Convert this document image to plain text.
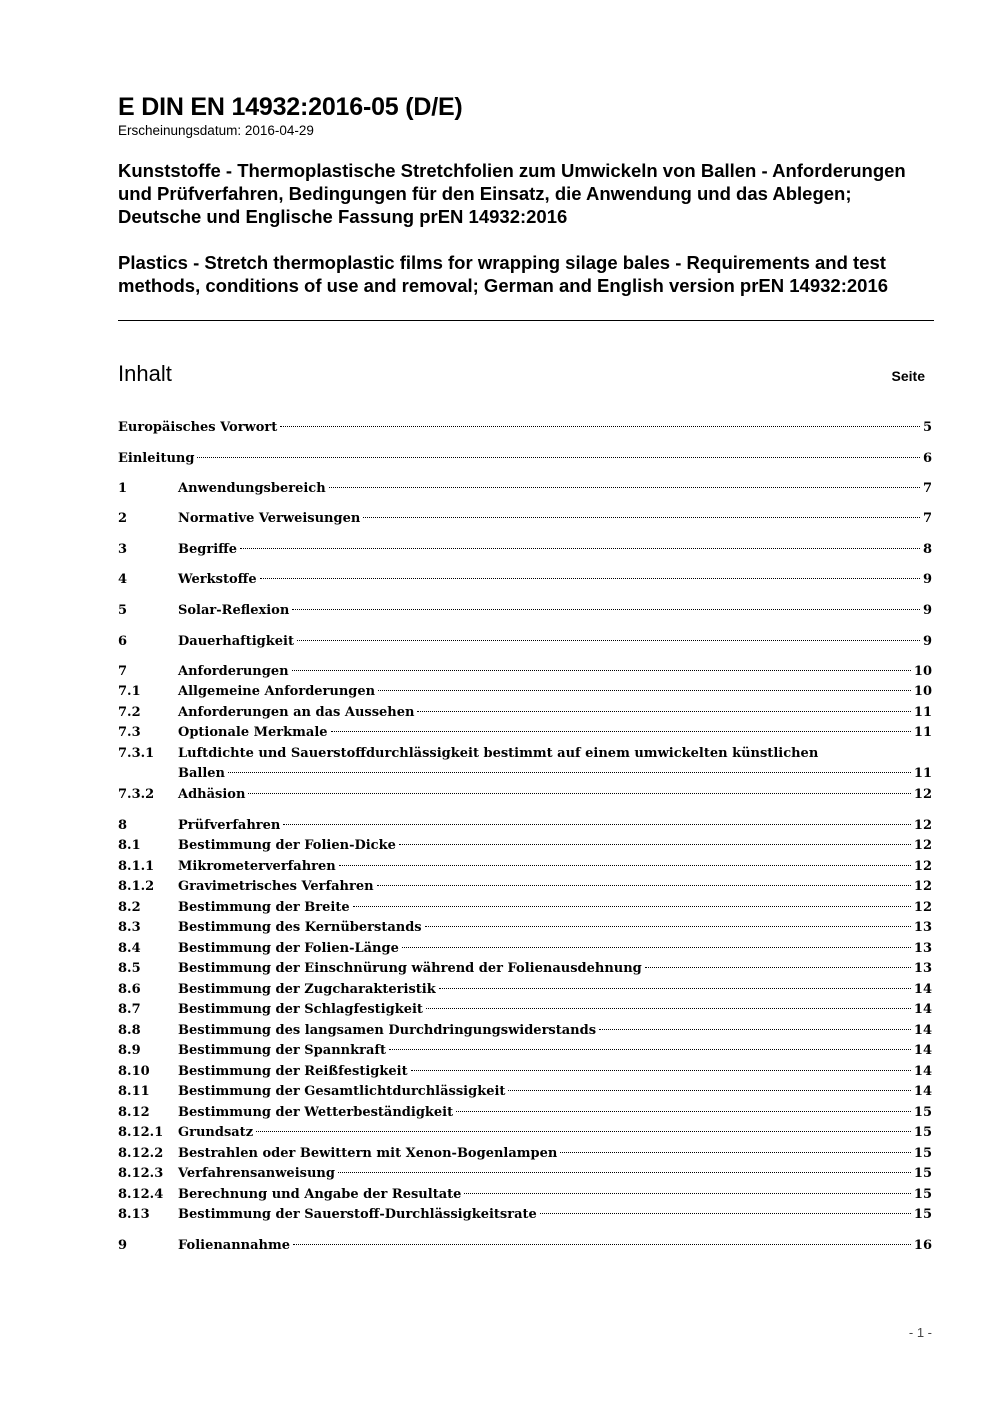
E DIN EN 14932:2016-05 (D/E)
Erscheinungsdatum: 2016-04-29

Kunststoffe - Thermoplastische Stretchfolien zum Umwickeln von Ballen - Anforderungen und Prüfverfahren, Bedingungen für den Einsatz, die Anwendung und das Ablegen; Deutsche und Englische Fassung prEN 14932:2016

Plastics - Stretch thermoplastic films for wrapping silage bales - Requirements and test methods, conditions of use and removal; German and English version prEN 14932:2016

Inhalt	Seite
Europäisches Vorwort	5
Einleitung	6
1	Anwendungsbereich	7
2	Normative Verweisungen	7
3	Begriffe	8
4	Werkstoffe	9
5	Solar-Reflexion	9
6	Dauerhaftigkeit	9
7	Anforderungen	10
7.1	Allgemeine Anforderungen	10
7.2	Anforderungen an das Aussehen	11
7.3	Optionale Merkmale	11
7.3.1 Luftdichte und Sauerstoffdurchlässigkeit bestimmt auf einem umwickelten künstlichen
Ballen	11
7.3.2 Adhäsion	12
8	Prüfverfahren	12
8.1	Bestimmung der Folien-Dicke	12
8.1.1 Mikrometerverfahren	12
8.1.2 Gravimetrisches Verfahren	12
8.2	Bestimmung der Breite	12
8.3	Bestimmung des Kernüberstands	13
8.4	Bestimmung der Folien-Länge	13
8.5	Bestimmung der Einschnürung während der Folienausdehnung	13
8.6	Bestimmung der Zugcharakteristik	14
8.7	Bestimmung der Schlagfestigkeit	14
8.8	Bestimmung des langsamen Durchdringungswiderstands	14
8.9	Bestimmung der Spannkraft	14
8.10 Bestimmung der Reißfestigkeit	14
8.11 Bestimmung der Gesamtlichtdurchlässigkeit	14
8.12 Bestimmung der Wetterbeständigkeit	15
8.12.1 Grundsatz	15
8.12.2 Bestrahlen oder Bewittern mit Xenon-Bogenlampen	15
8.12.3 Verfahrensanweisung	15
8.12.4 Berechnung und Angabe der Resultate	15
8.13 Bestimmung der Sauerstoff-Durchlässigkeitsrate	15
9	Folienannahme	16
- 1 -
